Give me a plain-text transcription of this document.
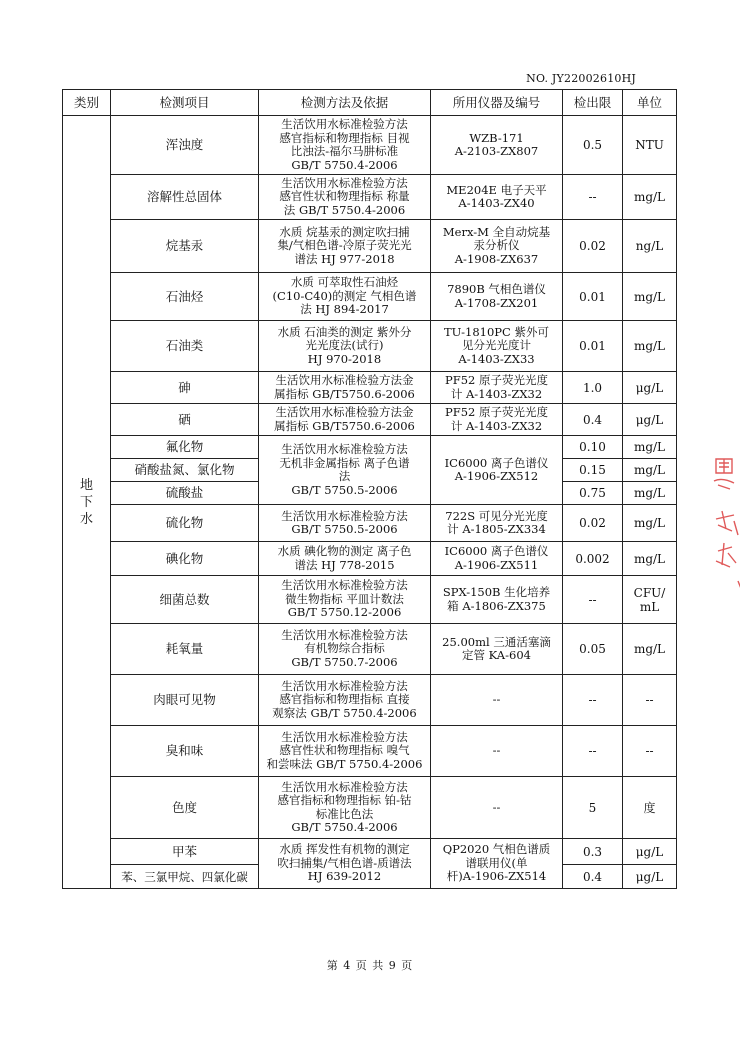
NO. JY22002610HJ
类别	检测项目	检测方法及依据	所用仪器及编号	检出限	单位
地
下
水	浑浊度	生活饮用水标准检验方法
感官指标和物理指标 目视
比浊法-福尔马肼标准
GB/T 5750.4-2006	WZB-171
A-2103-ZX807	0.5	NTU
	溶解性总固体	生活饮用水标准检验方法
感官性状和物理指标 称量
法 GB/T 5750.4-2006	ME204E 电子天平
A-1403-ZX40	--	mg/L
	烷基汞	水质 烷基汞的测定吹扫捕
集/气相色谱-冷原子荧光光
谱法 HJ 977-2018	Merx-M 全自动烷基
汞分析仪
A-1908-ZX637	0.02	ng/L
	石油烃	水质 可萃取性石油烃
(C10-C40)的测定 气相色谱
法 HJ 894-2017	7890B 气相色谱仪
A-1708-ZX201	0.01	mg/L
	石油类	水质 石油类的测定 紫外分
光光度法(试行)
HJ 970-2018	TU-1810PC 紫外可
见分光光度计
A-1403-ZX33	0.01	mg/L
	砷	生活饮用水标准检验方法金
属指标 GB/T5750.6-2006	PF52 原子荧光光度
计 A-1403-ZX32	1.0	μg/L
	硒	生活饮用水标准检验方法金
属指标 GB/T5750.6-2006	PF52 原子荧光光度
计 A-1403-ZX32	0.4	μg/L
	氟化物	生活饮用水标准检验方法
无机非金属指标 离子色谱
法
GB/T 5750.5-2006	IC6000 离子色谱仪
A-1906-ZX512	0.10	mg/L
	硝酸盐氮、氯化物			0.15	mg/L
	硫酸盐			0.75	mg/L
	硫化物	生活饮用水标准检验方法
GB/T 5750.5-2006	722S 可见分光光度
计 A-1805-ZX334	0.02	mg/L
	碘化物	水质 碘化物的测定 离子色
谱法 HJ 778-2015	IC6000 离子色谱仪
A-1906-ZX511	0.002	mg/L
	细菌总数	生活饮用水标准检验方法
微生物指标 平皿计数法
GB/T 5750.12-2006	SPX-150B 生化培养
箱 A-1806-ZX375	--	CFU/
mL
	耗氧量	生活饮用水标准检验方法
有机物综合指标
GB/T 5750.7-2006	25.00ml 三通活塞滴
定管 KA-604	0.05	mg/L
	肉眼可见物	生活饮用水标准检验方法
感官指标和物理指标 直接
观察法 GB/T 5750.4-2006	--	--	--
	臭和味	生活饮用水标准检验方法
感官性状和物理指标 嗅气
和尝味法 GB/T 5750.4-2006	--	--	--
	色度	生活饮用水标准检验方法
感官指标和物理指标 铂-钴
标准比色法
GB/T 5750.4-2006	--	5	度
	甲苯	水质 挥发性有机物的测定
吹扫捕集/气相色谱-质谱法
HJ 639-2012	QP2020 气相色谱质
谱联用仪(单
杆)A-1906-ZX514	0.3	μg/L
	苯、三氯甲烷、四氯化碳			0.4	μg/L
第 4 页 共 9 页
